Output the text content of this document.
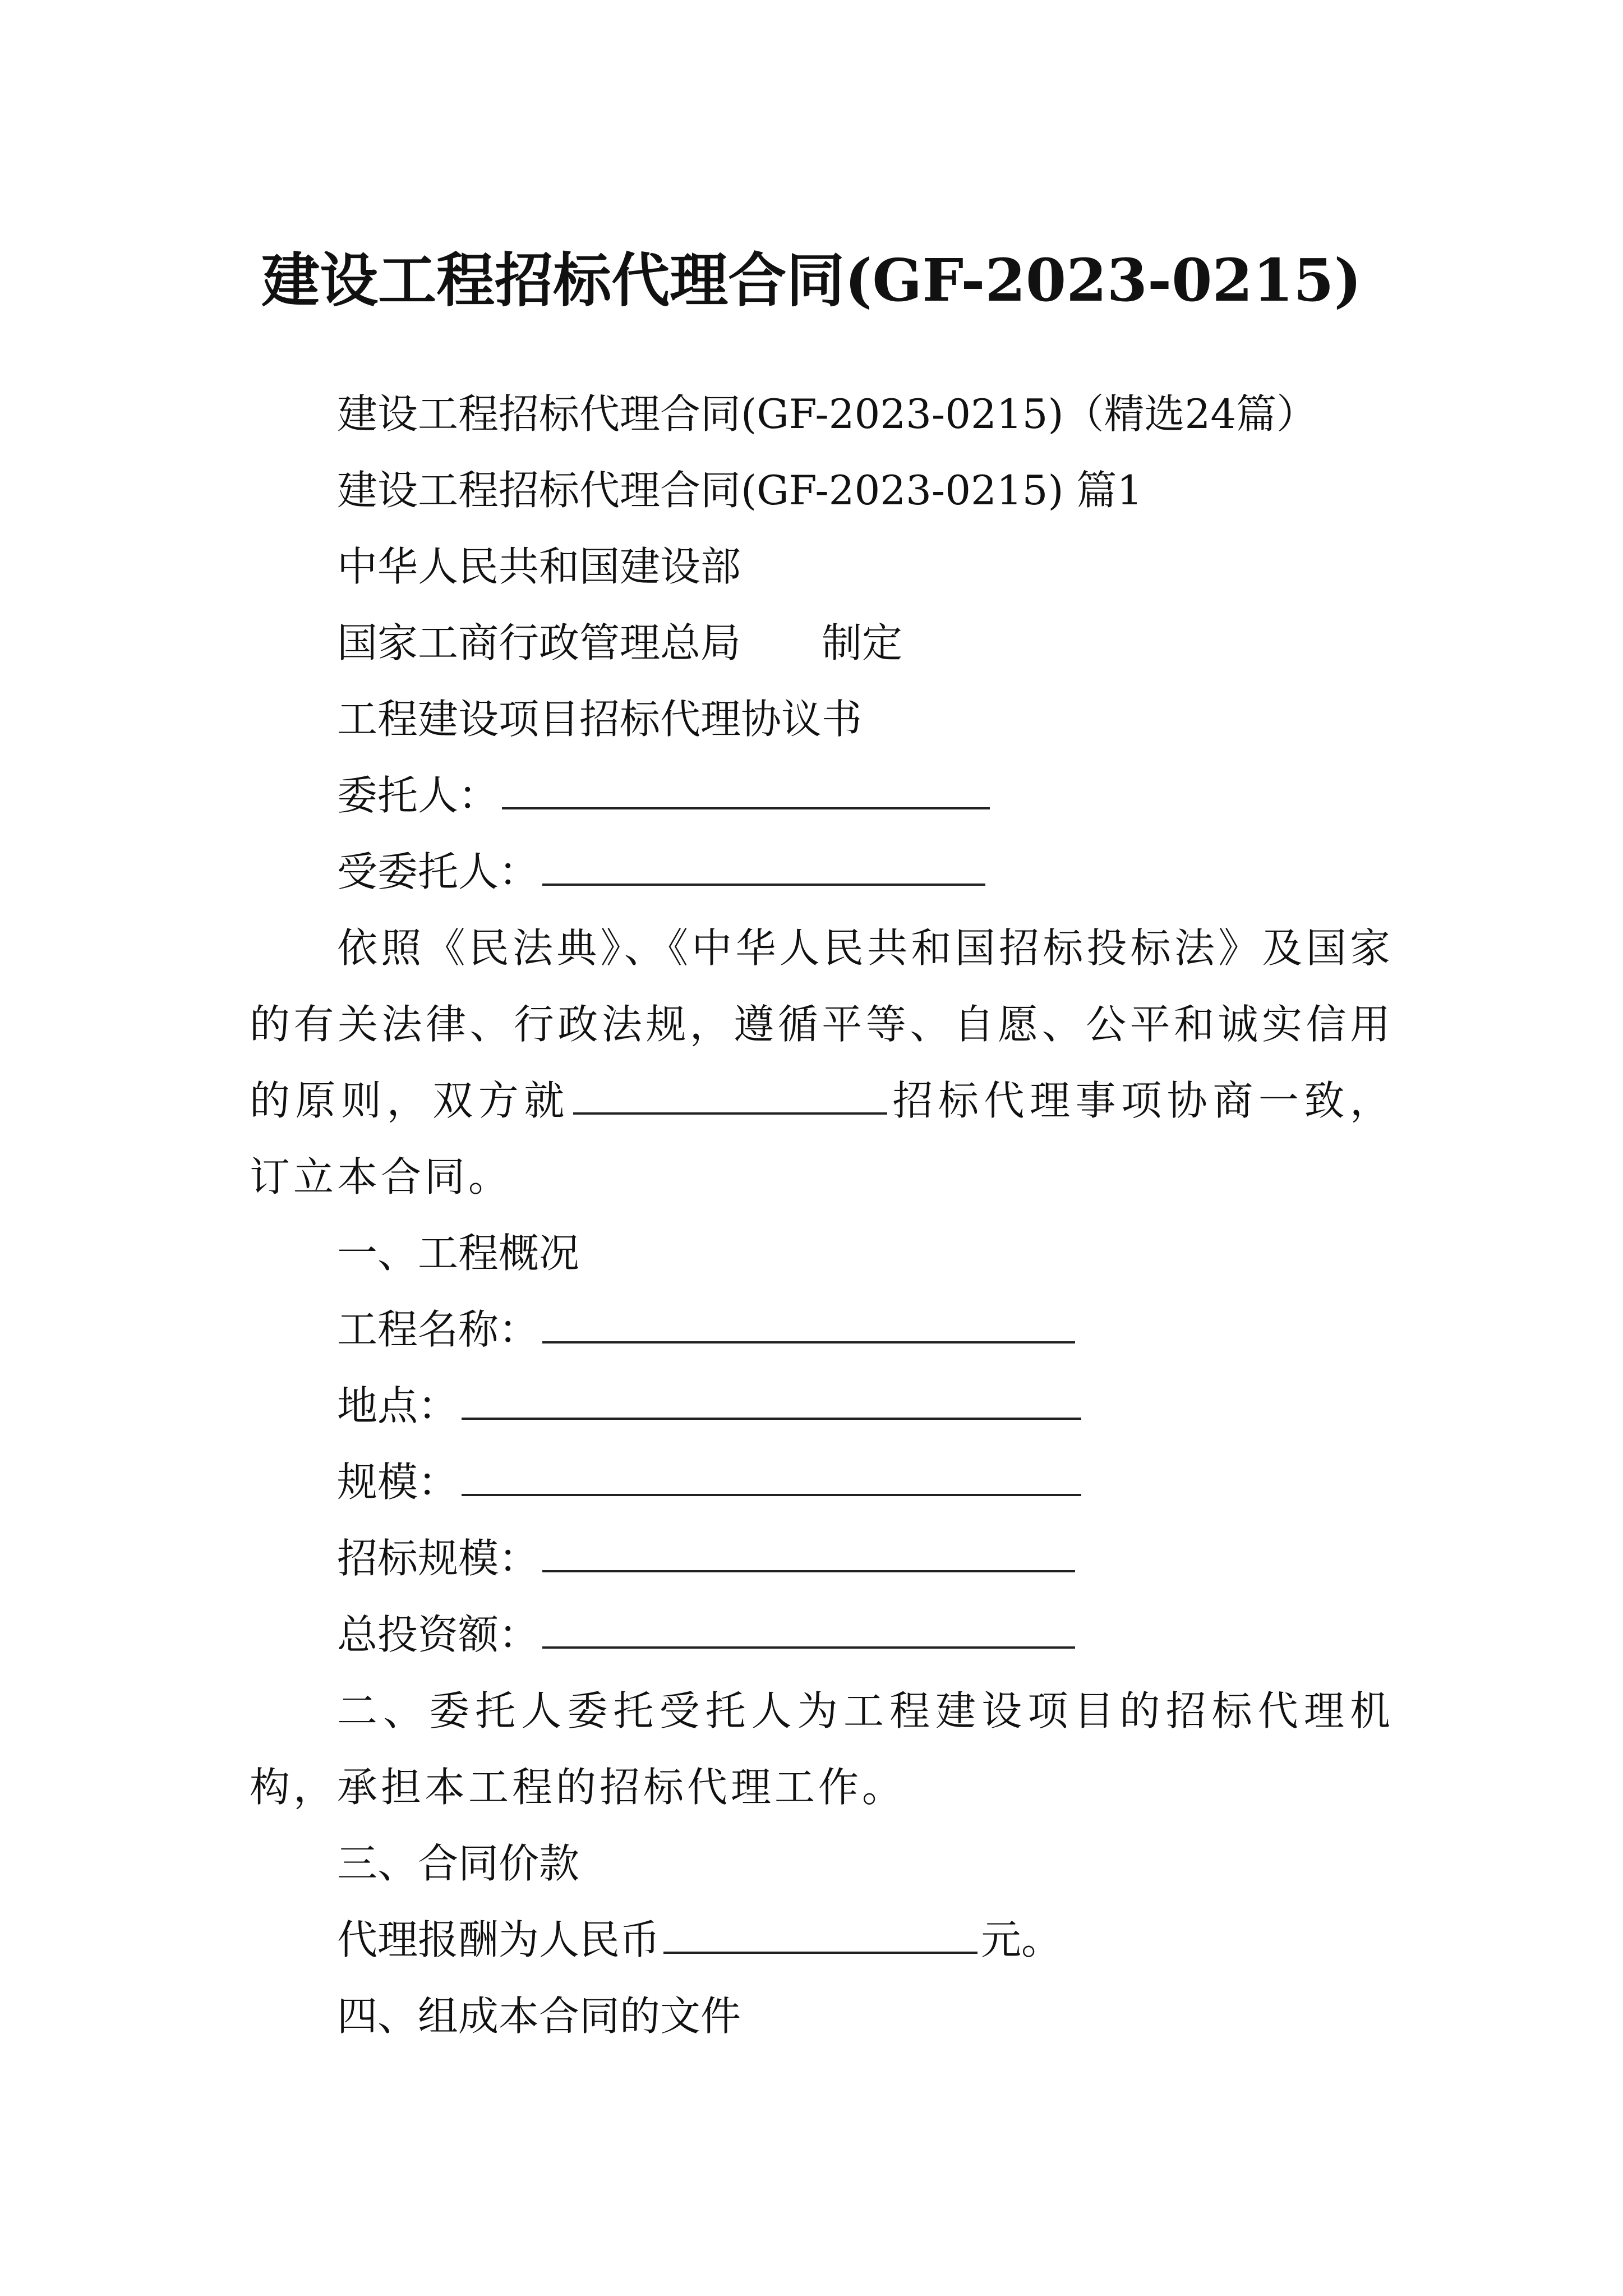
建设工程招标代理合同(GF-2023-0215)

建设工程招标代理合同(GF-2023-0215)（精选24篇）

建设工程招标代理合同(GF-2023-0215) 篇1

中华人民共和国建设部

国家工商行政管理总局　　制定

工程建设项目招标代理协议书

委托人：

受委托人：

依照《民法典》、《中华人民共和国招标投标法》及国家的有关法律、行政法规，遵循平等、自愿、公平和诚实信用的原则，双方就	招标代理事项协商一致，订立本合同。

一、工程概况

工程名称：

地点：

规模：

招标规模：

总投资额：

二、委托人委托受托人为工程建设项目的招标代理机构，承担本工程的招标代理工作。

三、合同价款

代理报酬为人民币	元。

四、组成本合同的文件
